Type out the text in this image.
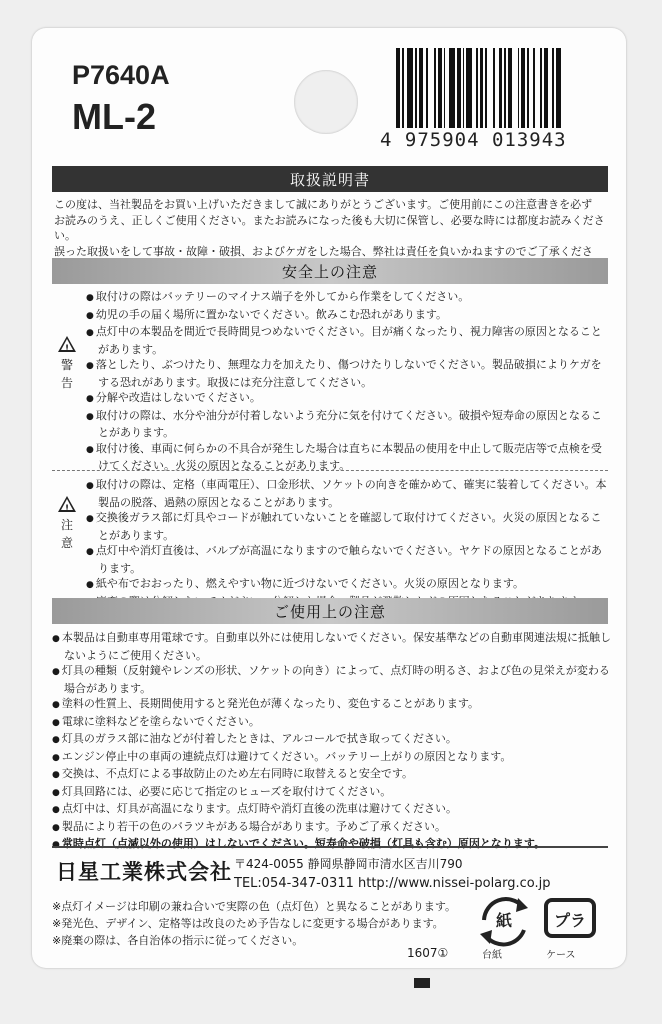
P7640A
ML-2
4 975904 013943
取扱説明書
この度は、当社製品をお買い上げいただきまして誠にありがとうございます。ご使用前にこの注意書きを必ず
お読みのうえ、正しくご使用ください。またお読みになった後も大切に保管し、必要な時には都度お読みください。
誤った取扱いをして事故・故障・破損、およびケガをした場合、弊社は責任を負いかねますのでご了承くださ
安全上の注意
!
警
告
● 取付けの際はバッテリーのマイナス端子を外してから作業をしてください。
● 幼児の手の届く場所に置かないでください。飲みこむ恐れがあります。
● 点灯中の本製品を間近で長時間見つめないでください。目が痛くなったり、視力障害の原因となることがあります。
● 落としたり、ぶつけたり、無理な力を加えたり、傷つけたりしないでください。製品破損によりケガをする恐れがあります。取扱には充分注意してください。
● 分解や改造はしないでください。
● 取付けの際は、水分や油分が付着しないよう充分に気を付けてください。破損や短寿命の原因となることがあります。
● 取付け後、車両に何らかの不具合が発生した場合は直ちに本製品の使用を中止して販売店等で点検を受けてください。火災の原因となることがあります。
!
注
意
● 取付けの際は、定格（車両電圧）、口金形状、ソケットの向きを確かめて、確実に装着してください。本製品の脱落、過熱の原因となることがあります。
● 交換後ガラス部に灯具やコードが触れていないことを確認して取付けてください。火災の原因となることがあります。
● 点灯中や消灯直後は、バルブが高温になりますので触らないでください。ヤケドの原因となることがあります。
● 紙や布でおおったり、燃えやすい物に近づけないでください。火災の原因となります。
●
ご使用上の注意
● 本製品は自動車専用電球です。自動車以外には使用しないでください。保安基準などの自動車関連法規に抵触しないようにご使用ください。
● 灯具の種類（反射鏡やレンズの形状、ソケットの向き）によって、点灯時の明るさ、および色の見栄えが変わる場合があります。
● 塗料の性質上、長期間使用すると発光色が薄くなったり、変色することがあります。
● 電球に塗料などを塗らないでください。
● 灯具のガラス部に油などが付着したときは、アルコールで拭き取ってください。
● エンジン停止中の車両の連続点灯は避けてください。バッテリー上がりの原因となります。
● 交換は、不点灯による事故防止のため左右同時に取替えると安全です。
● 灯具回路には、必要に応じて指定のヒューズを取付けてください。
● 点灯中は、灯具が高温になります。点灯時や消灯直後の洗車は避けてください。
● 製品により若干の色のバラツキがある場合があります。予めご了承ください。
● 常時点灯（点滅以外の使用）はしないでください。短寿命や破損（灯具も含む）原因となります。
日星工業株式会社 〒424-0055 静岡県静岡市清水区吉川790
TEL:054-347-0311 http://www.nissei-polarg.co.jp
※点灯イメージは印刷の兼ね合いで実際の色（点灯色）と異なることがあります。
※発光色、デザイン、定格等は改良のため予告なしに変更する場合があります。
※廃棄の際は、各自治体の指示に従ってください。
1607①
紙
台紙
プラ
ケース
